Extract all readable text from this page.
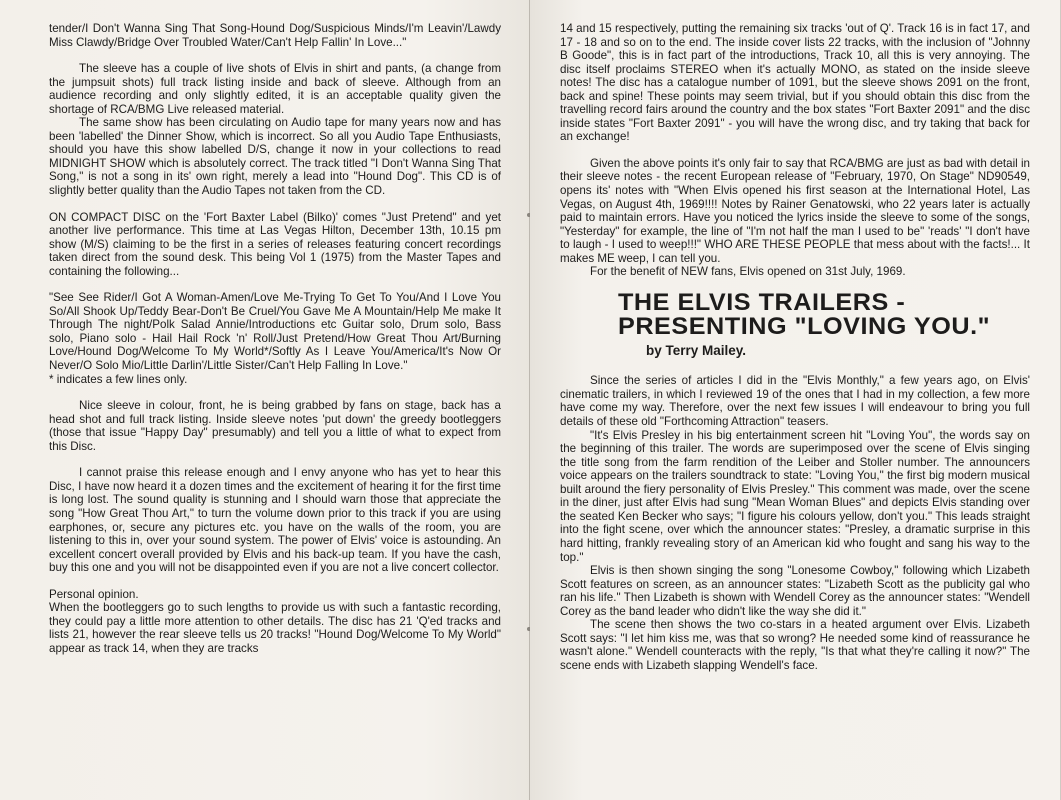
tender/I Don't Wanna Sing That Song-Hound Dog/Suspicious Minds/I'm Leavin'/Lawdy Miss Clawdy/Bridge Over Troubled Water/Can't Help Fallin' In Love..."

The sleeve has a couple of live shots of Elvis in shirt and pants, (a change from the jumpsuit shots) full track listing inside and back of sleeve. Although from an audience recording and only slightly edited, it is an acceptable quality given the shortage of RCA/BMG Live released material.

The same show has been circulating on Audio tape for many years now and has been 'labelled' the Dinner Show, which is incorrect. So all you Audio Tape Enthusiasts, should you have this show labelled D/S, change it now in your collections to read MIDNIGHT SHOW which is absolutely correct. The track titled "I Don't Wanna Sing That Song," is not a song in its' own right, merely a lead into "Hound Dog". This CD is of slightly better quality than the Audio Tapes not taken from the CD.

ON COMPACT DISC on the 'Fort Baxter Label (Bilko)' comes "Just Pretend" and yet another live performance. This time at Las Vegas Hilton, December 13th, 10.15 pm show (M/S) claiming to be the first in a series of releases featuring concert recordings taken direct from the sound desk. This being Vol 1 (1975) from the Master Tapes and containing the following...

"See See Rider/I Got A Woman-Amen/Love Me-Trying To Get To You/And I Love You So/All Shook Up/Teddy Bear-Don't Be Cruel/You Gave Me A Mountain/Help Me make It Through The night/Polk Salad Annie/Introductions etc Guitar solo, Drum solo, Bass solo, Piano solo - Hail Hail Rock 'n' Roll/Just Pretend/How Great Thou Art/Burning Love/Hound Dog/Welcome To My World*/Softly As I Leave You/America/It's Now Or Never/O Solo Mio/Little Darlin'/Little Sister/Can't Help Falling In Love."

* indicates a few lines only.

Nice sleeve in colour, front, he is being grabbed by fans on stage, back has a head shot and full track listing. Inside sleeve notes 'put down' the greedy bootleggers (those that issue "Happy Day" presumably) and tell you a little of what to expect from this Disc.

I cannot praise this release enough and I envy anyone who has yet to hear this Disc, I have now heard it a dozen times and the excitement of hearing it for the first time is long lost. The sound quality is stunning and I should warn those that appreciate the song "How Great Thou Art," to turn the volume down prior to this track if you are using earphones, or, secure any pictures etc. you have on the walls of the room, you are listening to this in, over your sound system. The power of Elvis' voice is astounding. An excellent concert overall provided by Elvis and his back-up team. If you have the cash, buy this one and you will not be disappointed even if you are not a live concert collector.

Personal opinion.

When the bootleggers go to such lengths to provide us with such a fantastic recording, they could pay a little more attention to other details. The disc has 21 'Q'ed tracks and lists 21, however the rear sleeve tells us 20 tracks! "Hound Dog/Welcome To My World" appear as track 14, when they are tracks

14 and 15 respectively, putting the remaining six tracks 'out of Q'. Track 16 is in fact 17, and 17 - 18 and so on to the end. The inside cover lists 22 tracks, with the inclusion of "Johnny B Goode", this is in fact part of the introductions, Track 10, all this is very annoying. The disc itself proclaims STEREO when it's actually MONO, as stated on the inside sleeve notes! The disc has a catalogue number of 1091, but the sleeve shows 2091 on the front, back and spine! These points may seem trivial, but if you should obtain this disc from the travelling record fairs around the country and the box states "Fort Baxter 2091" and the disc inside states "Fort Baxter 2091" - you will have the wrong disc, and try taking that back for an exchange!

Given the above points it's only fair to say that RCA/BMG are just as bad with detail in their sleeve notes - the recent European release of "February, 1970, On Stage" ND90549, opens its' notes with "When Elvis opened his first season at the International Hotel, Las Vegas, on August 4th, 1969!!!! Notes by Rainer Genatowski, who 22 years later is actually paid to maintain errors. Have you noticed the lyrics inside the sleeve to some of the songs, "Yesterday" for example, the line of "I'm not half the man I used to be" 'reads' "I don't have to laugh - I used to weep!!!" WHO ARE THESE PEOPLE that mess about with the facts!... It makes ME weep, I can tell you.

For the benefit of NEW fans, Elvis opened on 31st July, 1969.

THE ELVIS TRAILERS -
PRESENTING "LOVING YOU."

by Terry Mailey.

Since the series of articles I did in the "Elvis Monthly," a few years ago, on Elvis' cinematic trailers, in which I reviewed 19 of the ones that I had in my collection, a few more have come my way. Therefore, over the next few issues I will endeavour to bring you full details of these old "Forthcoming Attraction" teasers.

"It's Elvis Presley in his big entertainment screen hit "Loving You", the words say on the beginning of this trailer. The words are superimposed over the scene of Elvis singing the title song from the farm rendition of the Leiber and Stoller number. The announcers voice appears on the trailers soundtrack to state: "Loving You," the first big modern musical built around the fiery personality of Elvis Presley." This comment was made, over the scene in the diner, just after Elvis had sung "Mean Woman Blues" and depicts Elvis standing over the seated Ken Becker who says; "I figure his colours yellow, don't you." This leads straight into the fight scene, over which the announcer states: "Presley, a dramatic surprise in this hard hitting, frankly revealing story of an American kid who fought and sang his way to the top."

Elvis is then shown singing the song "Lonesome Cowboy," following which Lizabeth Scott features on screen, as an announcer states: "Lizabeth Scott as the publicity gal who ran his life." Then Lizabeth is shown with Wendell Corey as the announcer states: "Wendell Corey as the band leader who didn't like the way she did it."

The scene then shows the two co-stars in a heated argument over Elvis. Lizabeth Scott says: "I let him kiss me, was that so wrong? He needed some kind of reassurance he wasn't alone." Wendell counteracts with the reply, "Is that what they're calling it now?" The scene ends with Lizabeth slapping Wendell's face.
